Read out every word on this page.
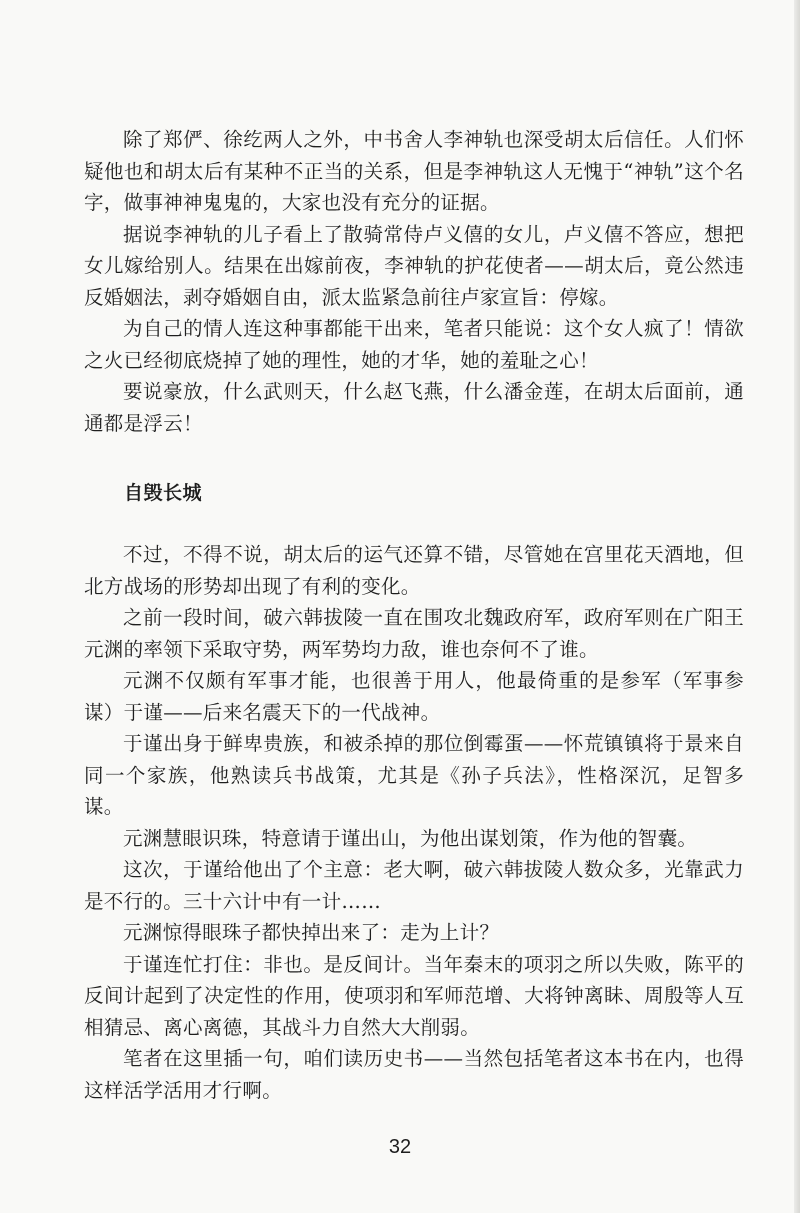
除了郑俨、徐纥两人之外，中书舍人李神轨也深受胡太后信任。人们怀疑他也和胡太后有某种不正当的关系，但是李神轨这人无愧于“神轨”这个名字，做事神神鬼鬼的，大家也没有充分的证据。

据说李神轨的儿子看上了散骑常侍卢义僖的女儿，卢义僖不答应，想把女儿嫁给别人。结果在出嫁前夜，李神轨的护花使者——胡太后，竟公然违反婚姻法，剥夺婚姻自由，派太监紧急前往卢家宣旨：停嫁。

为自己的情人连这种事都能干出来，笔者只能说：这个女人疯了！情欲之火已经彻底烧掉了她的理性，她的才华，她的羞耻之心！

要说豪放，什么武则天，什么赵飞燕，什么潘金莲，在胡太后面前，通通都是浮云！

自毁长城

不过，不得不说，胡太后的运气还算不错，尽管她在宫里花天酒地，但北方战场的形势却出现了有利的变化。

之前一段时间，破六韩拔陵一直在围攻北魏政府军，政府军则在广阳王元渊的率领下采取守势，两军势均力敌，谁也奈何不了谁。

元渊不仅颇有军事才能，也很善于用人，他最倚重的是参军（军事参谋）于谨——后来名震天下的一代战神。

于谨出身于鲜卑贵族，和被杀掉的那位倒霉蛋——怀荒镇镇将于景来自同一个家族，他熟读兵书战策，尤其是《孙子兵法》，性格深沉，足智多谋。

元渊慧眼识珠，特意请于谨出山，为他出谋划策，作为他的智囊。

这次，于谨给他出了个主意：老大啊，破六韩拔陵人数众多，光靠武力是不行的。三十六计中有一计……

元渊惊得眼珠子都快掉出来了：走为上计？

于谨连忙打住：非也。是反间计。当年秦末的项羽之所以失败，陈平的反间计起到了决定性的作用，使项羽和军师范增、大将钟离眛、周殷等人互相猜忌、离心离德，其战斗力自然大大削弱。

笔者在这里插一句，咱们读历史书——当然包括笔者这本书在内，也得这样活学活用才行啊。

32
